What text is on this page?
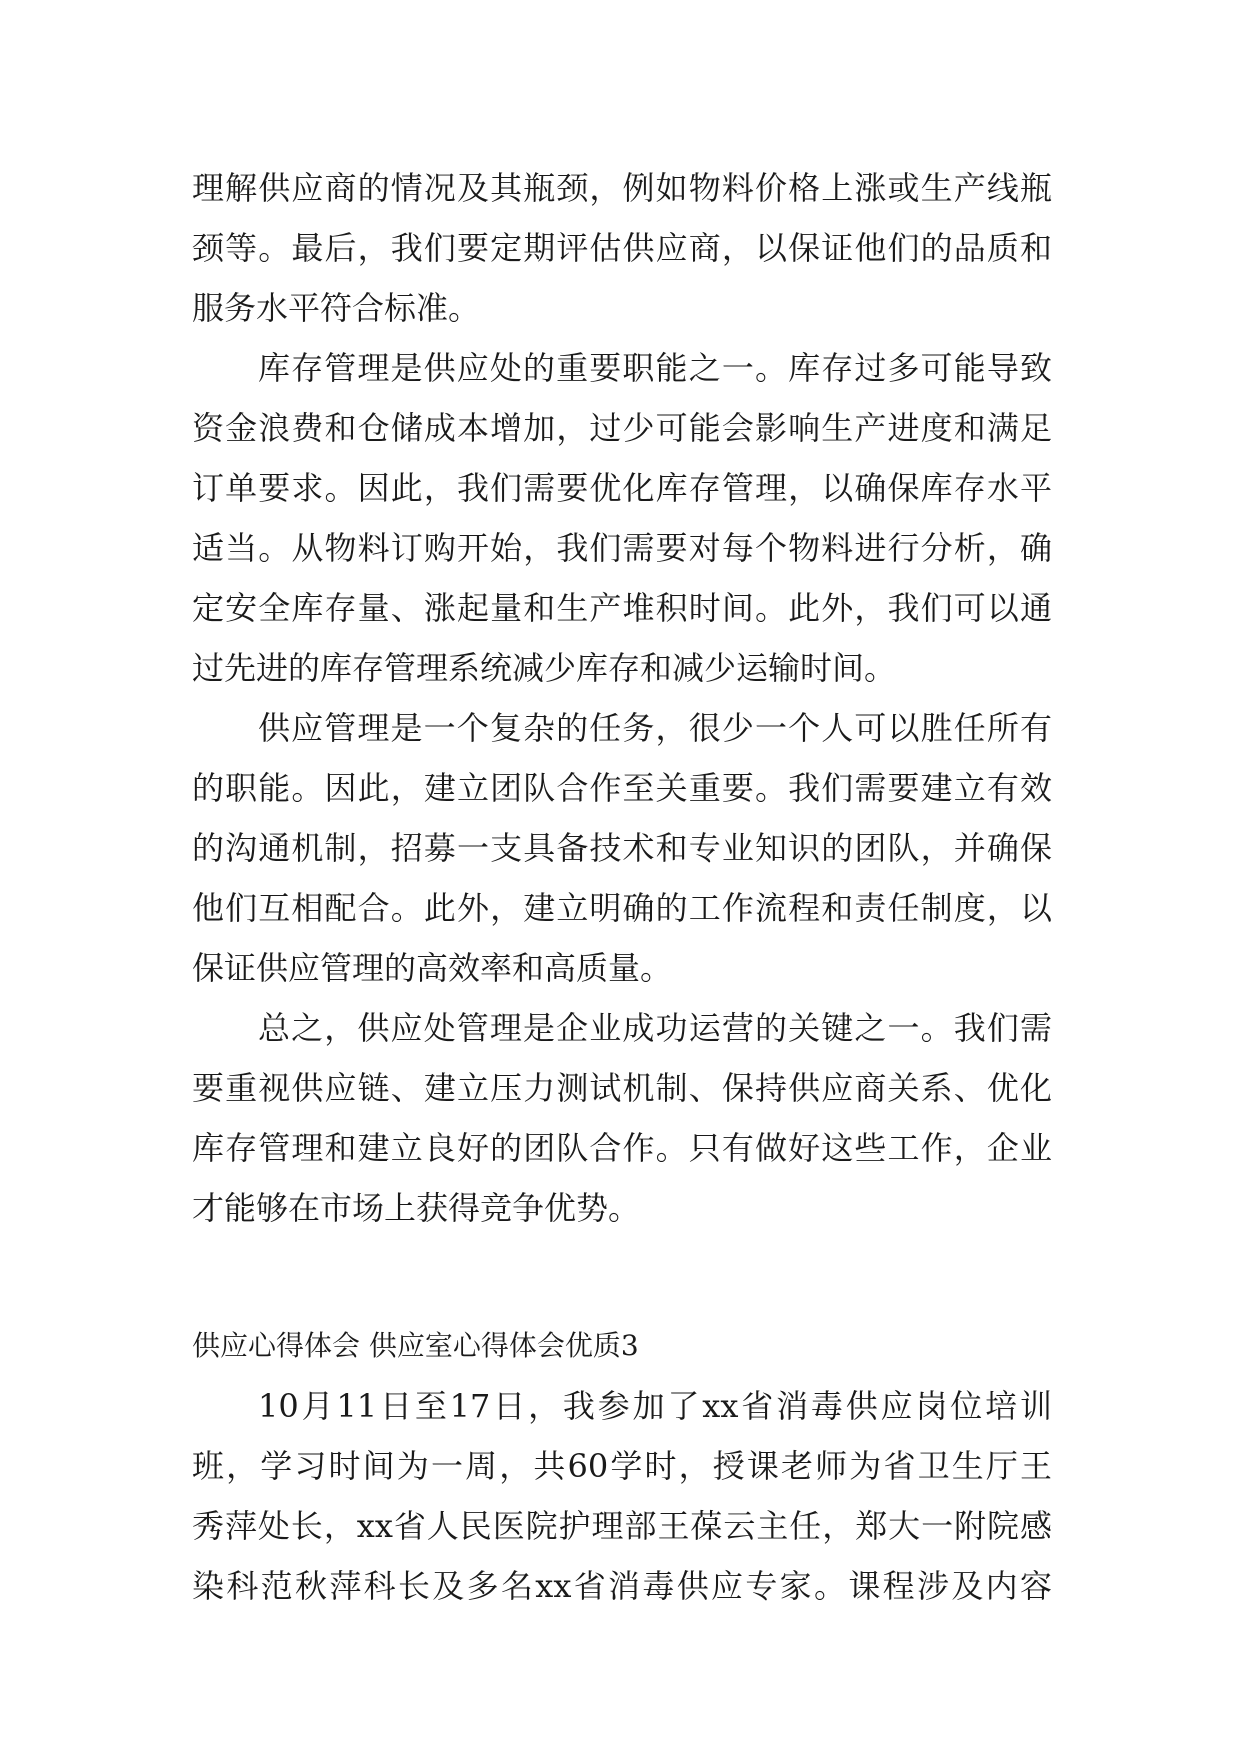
理解供应商的情况及其瓶颈，例如物料价格上涨或生产线瓶
颈等。最后，我们要定期评估供应商，以保证他们的品质和
服务水平符合标准。
库存管理是供应处的重要职能之一。库存过多可能导致
资金浪费和仓储成本增加，过少可能会影响生产进度和满足
订单要求。因此，我们需要优化库存管理，以确保库存水平
适当。从物料订购开始，我们需要对每个物料进行分析，确
定安全库存量、涨起量和生产堆积时间。此外，我们可以通
过先进的库存管理系统减少库存和减少运输时间。
供应管理是一个复杂的任务，很少一个人可以胜任所有
的职能。因此，建立团队合作至关重要。我们需要建立有效
的沟通机制，招募一支具备技术和专业知识的团队，并确保
他们互相配合。此外，建立明确的工作流程和责任制度，以
保证供应管理的高效率和高质量。
总之，供应处管理是企业成功运营的关键之一。我们需
要重视供应链、建立压力测试机制、保持供应商关系、优化
库存管理和建立良好的团队合作。只有做好这些工作，企业
才能够在市场上获得竞争优势。
供应心得体会 供应室心得体会优质3
10月11日至17日，我参加了xx省消毒供应岗位培训
班，学习时间为一周，共60学时，授课老师为省卫生厅王
秀萍处长，xx省人民医院护理部王葆云主任，郑大一附院感
染科范秋萍科长及多名xx省消毒供应专家。课程涉及内容
